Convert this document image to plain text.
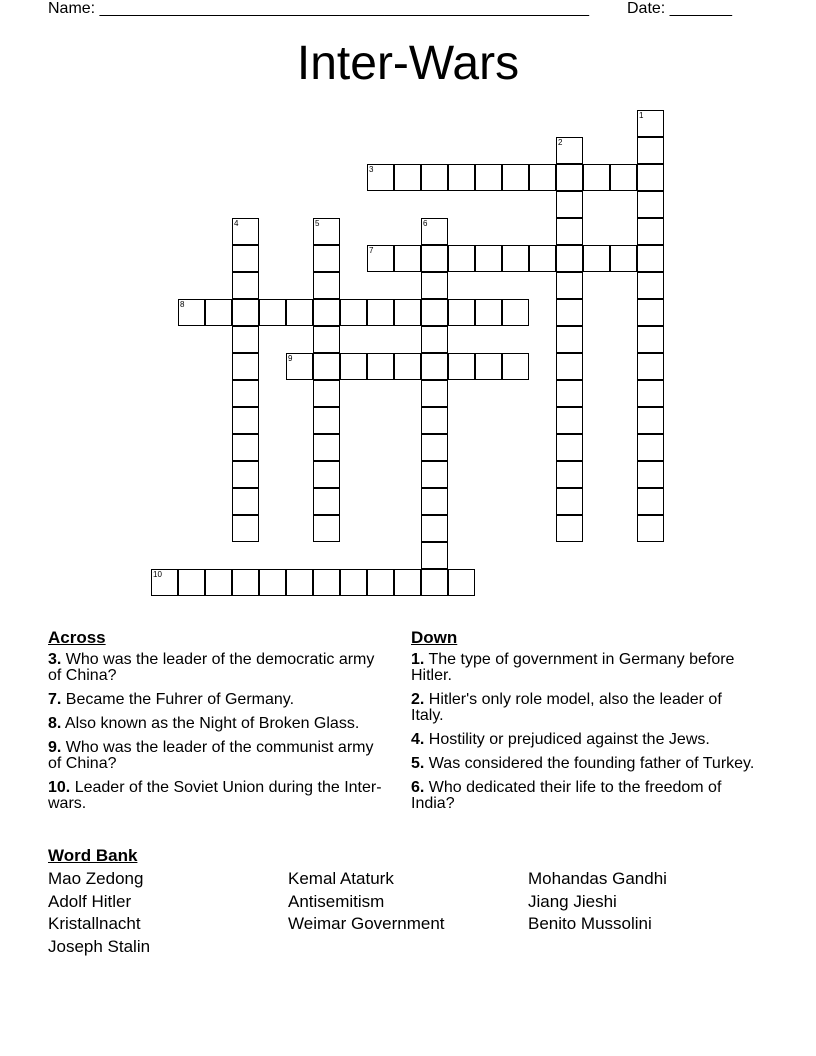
Name: _______________________________________________________ Date: _______
Inter-Wars
3
7
8
9
10
1
2
4	5	6
Across
3. Who was the leader of the democratic army of China?
7. Became the Fuhrer of Germany.
8. Also known as the Night of Broken Glass.
9. Who was the leader of the communist army of China?
10. Leader of the Soviet Union during the Inter-wars.
Down
1. The type of government in Germany before Hitler.
2. Hitler's only role model, also the leader of Italy.
4. Hostility or prejudiced against the Jews.
5. Was considered the founding father of Turkey.
6. Who dedicated their life to the freedom of India?
Word Bank
Mao Zedong	Kemal Ataturk	Mohandas Gandhi
Adolf Hitler	Antisemitism	Jiang Jieshi
Kristallnacht	Weimar Government	Benito Mussolini
Joseph Stalin
